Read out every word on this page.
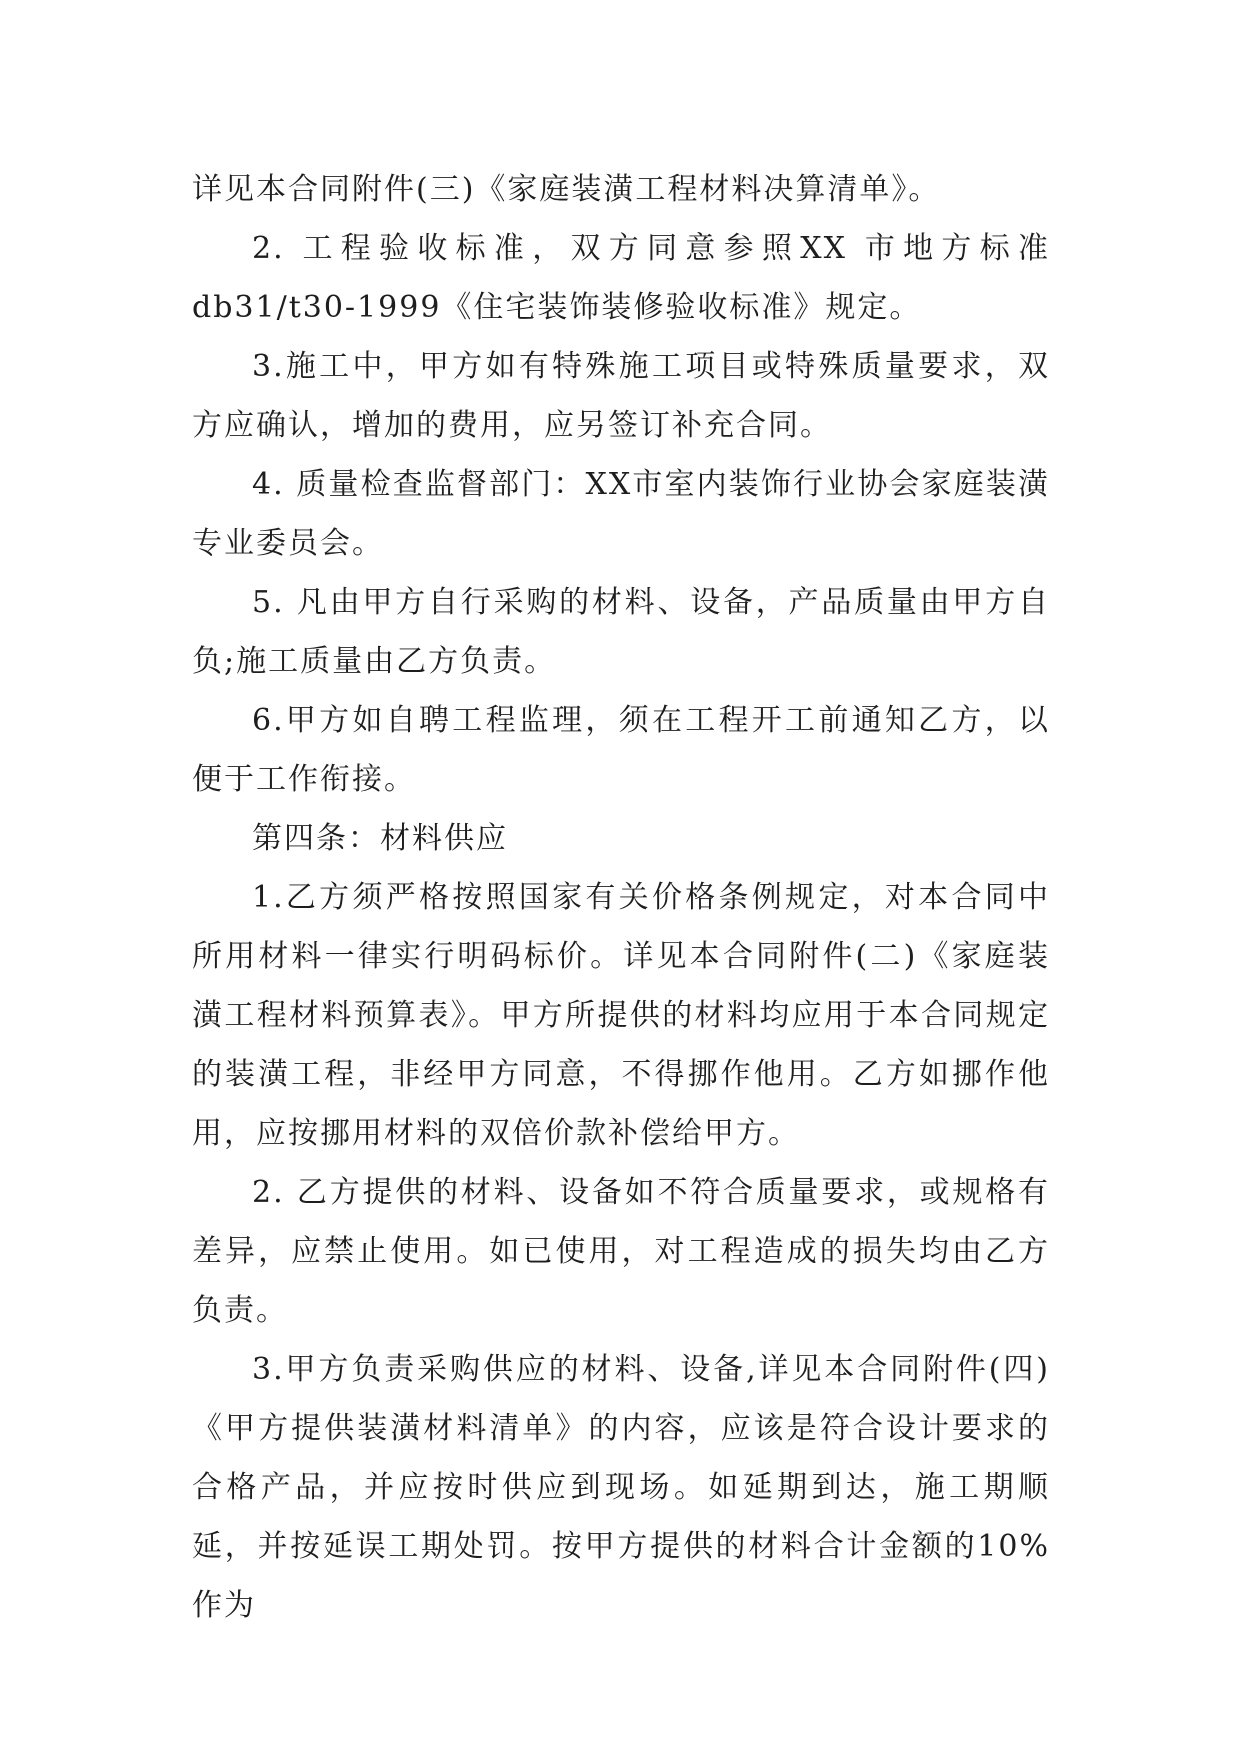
详见本合同附件(三)《家庭装潢工程材料决算清单》。

2. 工程验收标准，双方同意参照XX 市地方标准db31/t30-1999《住宅装饰装修验收标准》规定。

3.施工中，甲方如有特殊施工项目或特殊质量要求，双方应确认，增加的费用，应另签订补充合同。

4. 质量检查监督部门：XX市室内装饰行业协会家庭装潢专业委员会。

5. 凡由甲方自行采购的材料、设备，产品质量由甲方自负;施工质量由乙方负责。

6.甲方如自聘工程监理，须在工程开工前通知乙方，以便于工作衔接。

第四条：材料供应

1.乙方须严格按照国家有关价格条例规定，对本合同中所用材料一律实行明码标价。详见本合同附件(二)《家庭装潢工程材料预算表》。甲方所提供的材料均应用于本合同规定的装潢工程，非经甲方同意，不得挪作他用。乙方如挪作他用，应按挪用材料的双倍价款补偿给甲方。

2. 乙方提供的材料、设备如不符合质量要求，或规格有差异，应禁止使用。如已使用，对工程造成的损失均由乙方负责。

3.甲方负责采购供应的材料、设备,详见本合同附件(四)《甲方提供装潢材料清单》的内容，应该是符合设计要求的合格产品，并应按时供应到现场。如延期到达，施工期顺延，并按延误工期处罚。按甲方提供的材料合计金额的10%作为
